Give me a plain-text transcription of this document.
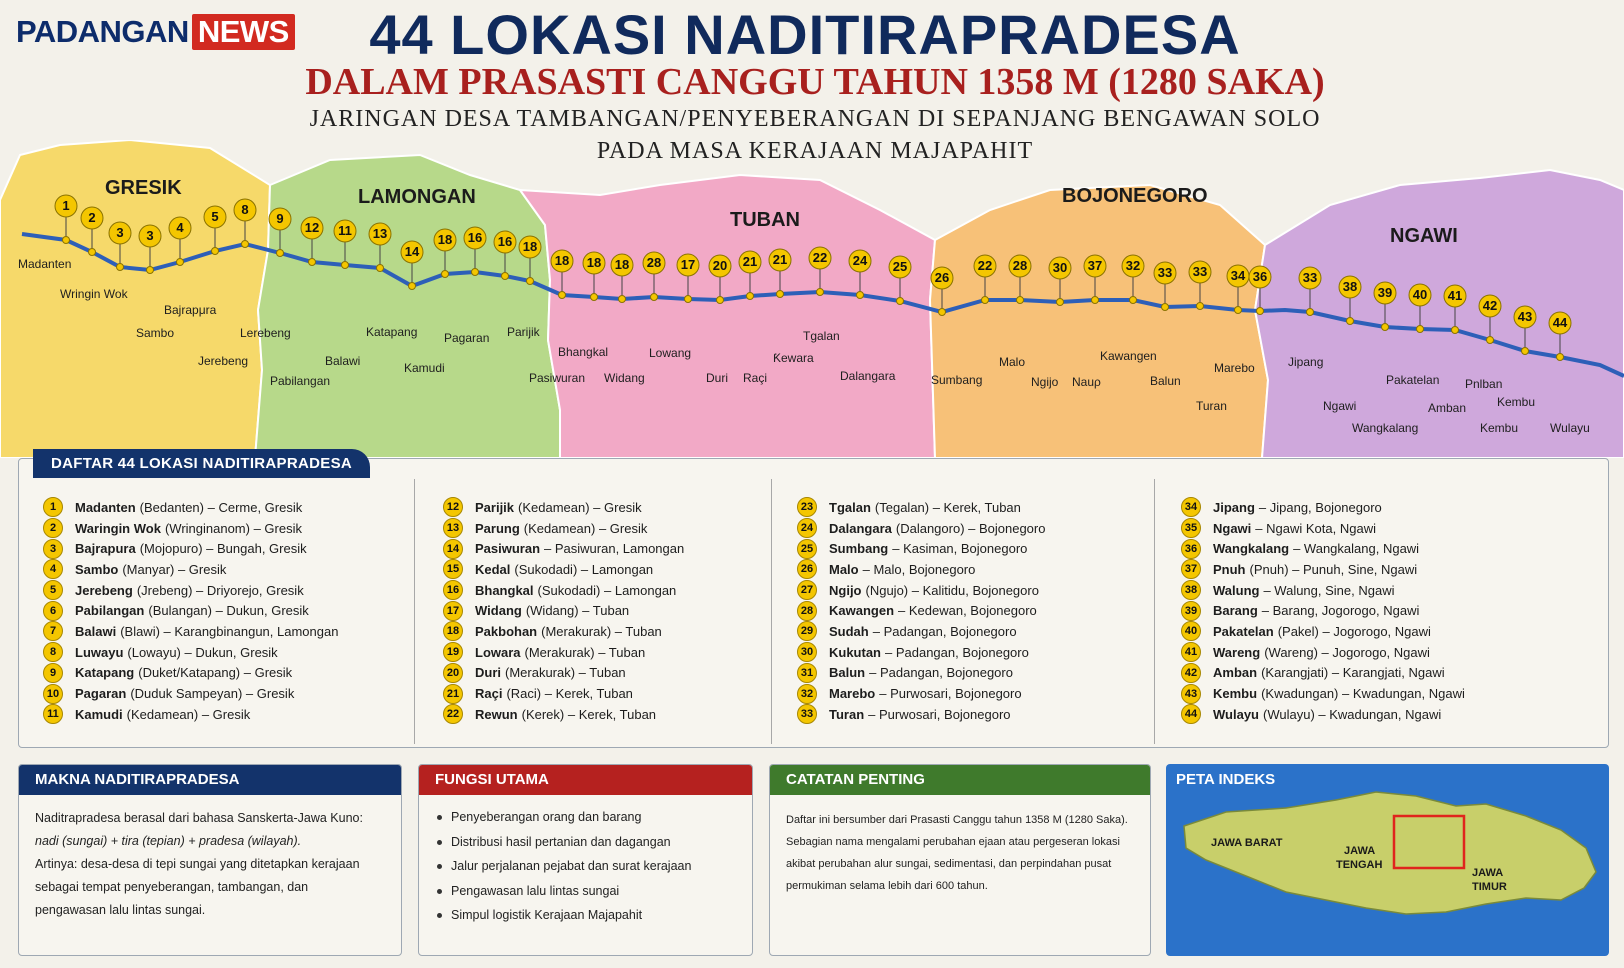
PADANGAN NEWS	44 LOKASI NADITIRAPRADESA
DALAM PRASASTI CANGGU TAHUN 1358 M (1280 SAKA)
JARINGAN DESA TAMBANGAN/PENYEBERANGAN DI SEPANJANG BENGAWAN SOLO
PADA MASA KERAJAAN MAJAPAHIT
GRESIK	LAMONGAN
TUBAN
BOJONEGORO
NGAWI
1
2
3 3
4
5 8
9
12 11 13
14
18 16 16 18
18 18 18 28 17 20 21 21 22 24 25
26
22 28 30 37 32 33 33 34 36	33
38 39 40 41
42
43 44
Madanten
Wringin Wok
Sambo
Bajrapμra
Jerebeng
Lerebeng
Pabilangan
Balawi
Katapang
Kamudi
Pagaran Parijik
Pasiwuran
Bhangkal
Widang
Lowang
Duri Raçi
Ƙewara
Tgalan
Dalangara	Sumbang
Malo
Ngijo Nauρ
Kawangen
Balun
Turan
Marebo	Jipang
Ngawi
Wangkalang
Pakatelan
Amban
Pnlban
Kembu
Kembu	Wulayu
DAFTAR 44 LOKASI NADITIRAPRADESA
1	Madanten (Bedanten) – Cerme, Gresik
2	Waringin Wok (Wringinanom) – Gresik
3	Bajrapura (Mojopuro) – Bungah, Gresik
4	Sambo (Manyar) – Gresik
5	Jerebeng (Jrebeng) – Driyorejo, Gresik
6	Pabilangan (Bulangan) – Dukun, Gresik
7	Balawi (Blawi) – Karangbinangun, Lamongan
8	Luwayu (Lowayu) – Dukun, Gresik
9	Katapang (Duket/Katapang) – Gresik
10 Pagaran (Duduk Sampeyan) – Gresik
11	Kamudi (Kedamean) – Gresik
12 Parijik (Kedamean) – Gresik
13 Parung (Kedamean) – Gresik
14 Pasiwuran – Pasiwuran, Lamongan
15 Kedal (Sukodadi) – Lamongan
16 Bhangkal (Sukodadi) – Lamongan
17 Widang (Widang) – Tuban
18 Pakbohan (Merakurak) – Tuban
19 Lowara (Merakurak) – Tuban
20 Duri (Merakurak) – Tuban
21 Raçi (Raci) – Kerek, Tuban
22 Rewun (Kerek) – Kerek, Tuban
23 Tgalan (Tegalan) – Kerek, Tuban
24 Dalangara (Dalangoro) – Bojonegoro
25 Sumbang – Kasiman, Bojonegoro
26 Malo – Malo, Bojonegoro
27 Ngijo (Ngujo) – Kalitidu, Bojonegoro
28 Kawangen – Kedewan, Bojonegoro
29 Sudah – Padangan, Bojonegoro
30 Kukutan – Padangan, Bojonegoro
31 Balun – Padangan, Bojonegoro
32 Marebo – Purwosari, Bojonegoro
33 Turan – Purwosari, Bojonegoro
34 Jipang – Jipang, Bojonegoro
35 Ngawi – Ngawi Kota, Ngawi
36 Wangkalang – Wangkalang, Ngawi
37 Pnuh (Pnuh) – Punuh, Sine, Ngawi
38 Walung – Walung, Sine, Ngawi
39 Barang – Barang, Jogorogo, Ngawi
40 Pakatelan (Pakel) – Jogorogo, Ngawi
41 Wareng (Wareng) – Jogorogo, Ngawi
42 Amban (Karangjati) – Karangjati, Ngawi
43 Kembu (Kwadungan) – Kwadungan, Ngawi
44 Wulayu (Wulayu) – Kwadungan, Ngawi
MAKNA NADITIRAPRADESA

Naditrapradesa berasal dari bahasa Sanskerta-Jawa Kuno:

nadi (sungai) + tira (tepian) + pradesa (wilayah).

Artinya: desa-desa di tepi sungai yang ditetapkan kerajaan

sebagai tempat penyeberangan, tambangan, dan

pengawasan lalu lintas sungai.

FUNGSI UTAMA
Penyeberangan orang dan barang
Distribusi hasil pertanian dan dagangan
Jalur perjalanan pejabat dan surat kerajaan
Pengawasan lalu lintas sungai
Simpul logistik Kerajaan Majapahit
CATATAN PENTING

Daftar ini bersumber dari Prasasti Canggu tahun 1358 M (1280 Saka).

Sebagian nama mengalami perubahan ejaan atau pergeseran lokasi

akibat perubahan alur sungai, sedimentasi, dan perpindahan pusat

permukiman selama lebih dari 600 tahun.

PETA INDEKS
JAWA BARAT
JAWA
TENGAH
JAWA
TIMUR
